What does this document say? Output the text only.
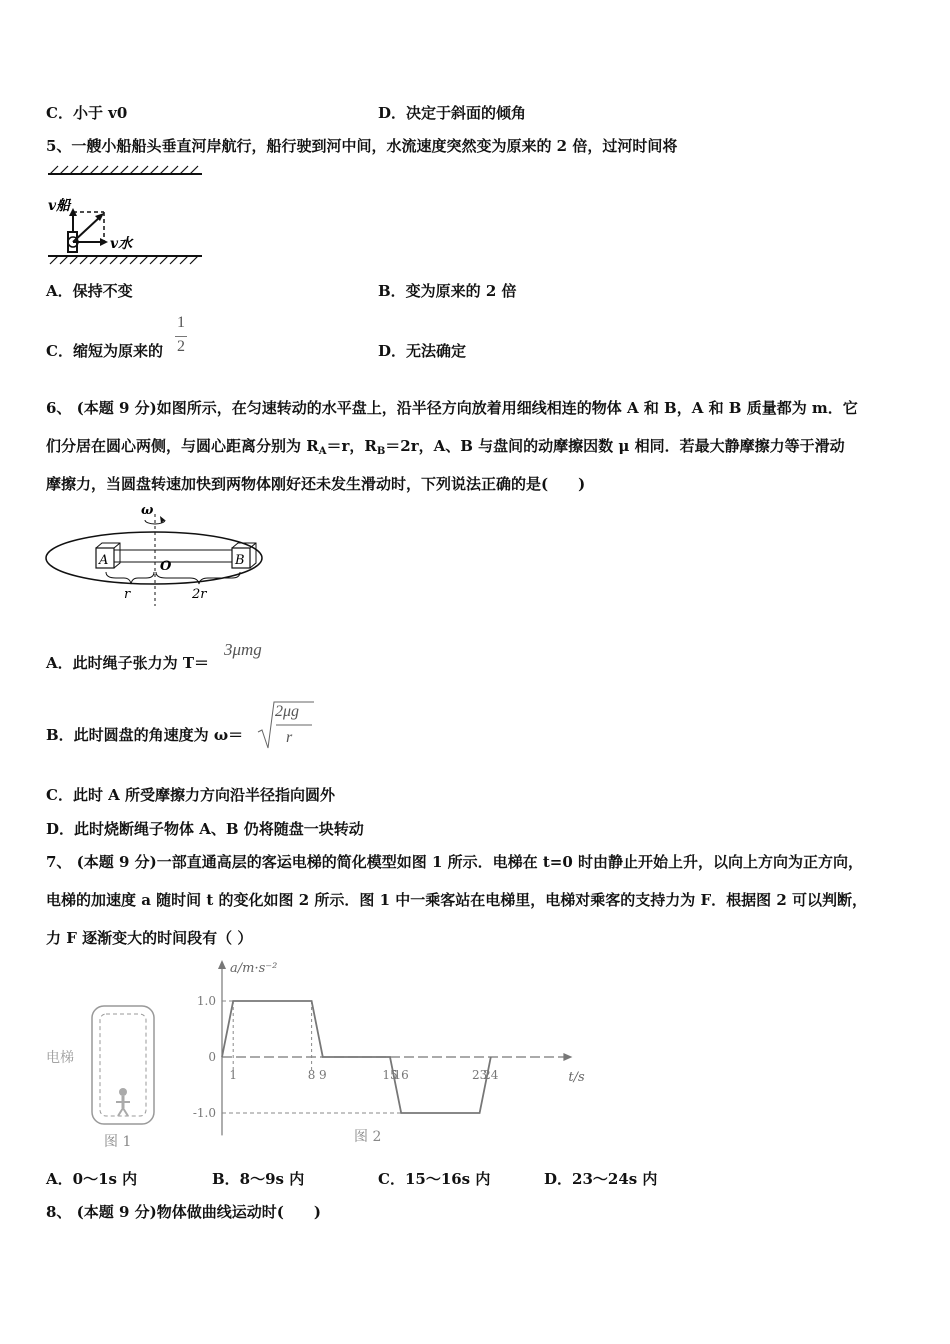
C．小于 v0	D．决定于斜面的倾角
5、一艘小船船头垂直河岸航行，船行驶到河中间，水流速度突然变为原来的 2 倍，过河时间将
v船
v水
A．保持不变	B．变为原来的 2 倍
C．缩短为原来的
1
2	D．无法确定
6、 (本题 9 分)如图所示，在匀速转动的水平盘上，沿半径方向放着用细线相连的物体 A 和 B，A 和 B 质量都为 m．它
们分居在圆心两侧，与圆心距离分别为 $R_A=r$，$R_B=2r$，A、B 与盘间的动摩擦因数 μ 相同．若最大静摩擦力等于滑动
摩擦力，当圆盘转速加快到两物体刚好还未发生滑动时，下列说法正确的是(　　)
ω
A	B
O
r	2r
A．此时绳子张力为 T＝
3μmg
B．此时圆盘的角速度为 ω＝
2μg
r
C．此时 A 所受摩擦力方向沿半径指向圆外
D．此时烧断绳子物体 A、B 仍将随盘一块转动
7、 (本题 9 分)一部直通高层的客运电梯的简化模型如图 1 所示．电梯在 t=0 时由静止开始上升，以向上方向为正方向，
电梯的加速度 a 随时间 t 的变化如图 2 所示．图 1 中一乘客站在电梯里，电梯对乘客的支持力为 F．根据图 2 可以判断，
力 F 逐渐变大的时间段有（ ）
电梯
图 1
1	8 9	15
16	23
24
1.0
0
-1.0
a/m·s⁻²
t/s
图 2
A．0～1s 内	B．8～9s 内	C．15～16s 内	D．23～24s 内
8、 (本题 9 分)物体做曲线运动时(　　)
